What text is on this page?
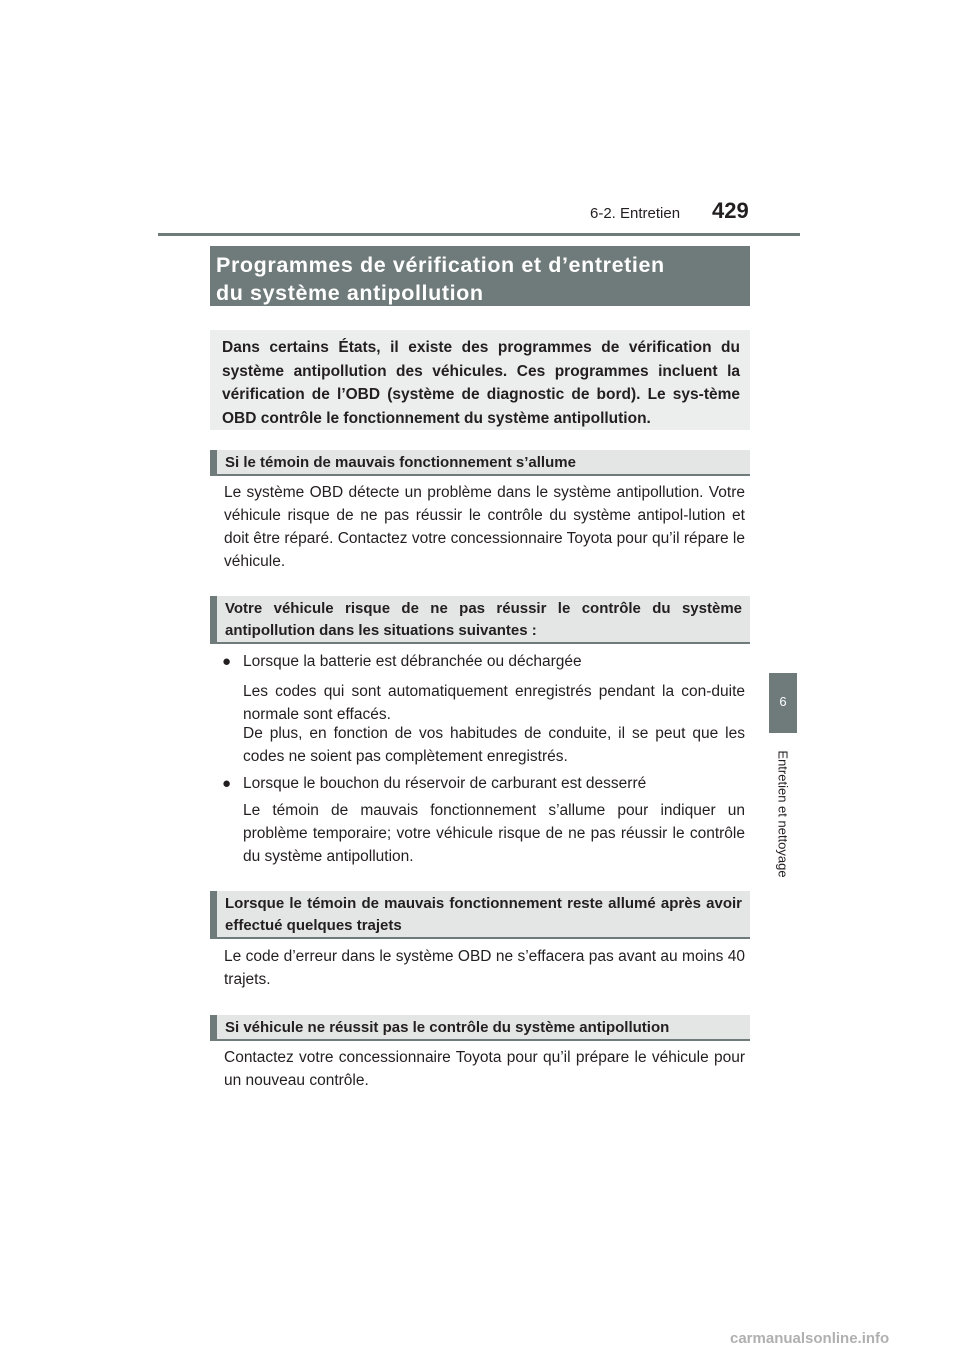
6-2. Entretien 429
6
Entretien et nettoyage
Programmes de vérification et d’entretien
du système antipollution
Dans certains États, il existe des programmes de vérification du système antipollution des véhicules. Ces programmes incluent la vérification de l’OBD (système de diagnostic de bord). Le sys-tème OBD contrôle le fonctionnement du système antipollution.
Si le témoin de mauvais fonctionnement s’allume

Le système OBD détecte un problème dans le système antipollution. Votre véhicule risque de ne pas réussir le contrôle du système antipol-lution et doit être réparé. Contactez votre concessionnaire Toyota pour qu’il répare le véhicule.

Votre véhicule risque de ne pas réussir le contrôle du système antipollution dans les situations suivantes :
● Lorsque la batterie est débranchée ou déchargée

Les codes qui sont automatiquement enregistrés pendant la con-duite normale sont effacés.

De plus, en fonction de vos habitudes de conduite, il se peut que les codes ne soient pas complètement enregistrés.

● Lorsque le bouchon du réservoir de carburant est desserré

Le témoin de mauvais fonctionnement s’allume pour indiquer un problème temporaire; votre véhicule risque de ne pas réussir le contrôle du système antipollution.

Lorsque le témoin de mauvais fonctionnement reste allumé après avoir effectué quelques trajets

Le code d’erreur dans le système OBD ne s’effacera pas avant au moins 40 trajets.

Si véhicule ne réussit pas le contrôle du système antipollution

Contactez votre concessionnaire Toyota pour qu’il prépare le véhicule pour un nouveau contrôle.

carmanualsonline.info
